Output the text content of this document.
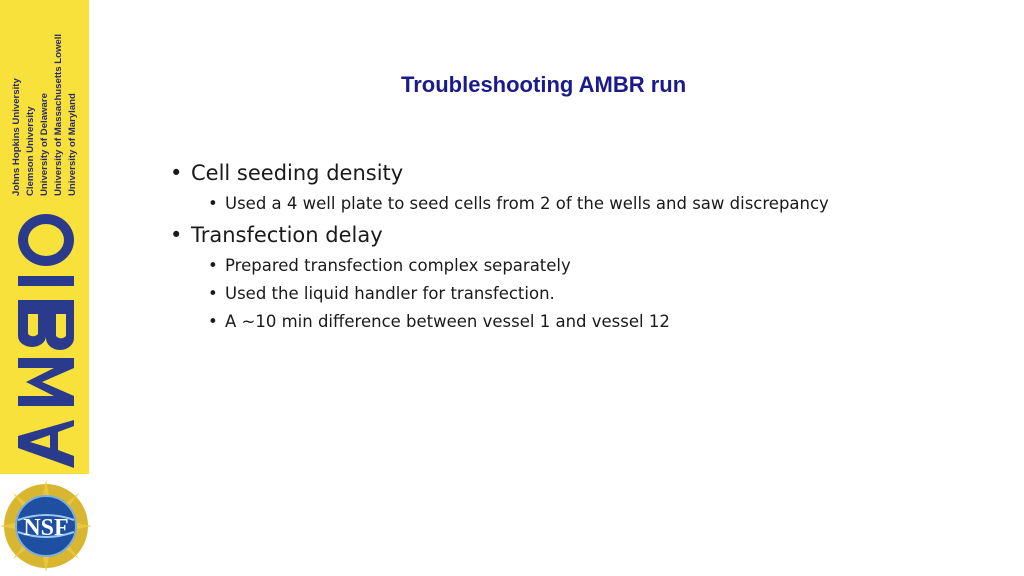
Johns Hopkins University Clemson University University of Delaware University of Massachusetts Lowell University of Maryland
NSF
Troubleshooting AMBR run
• Cell seeding density
• Used a 4 well plate to seed cells from 2 of the wells and saw discrepancy
• Transfection delay
• Prepared transfection complex separately
• Used the liquid handler for transfection.
• A ~10 min difference between vessel 1 and vessel 12
